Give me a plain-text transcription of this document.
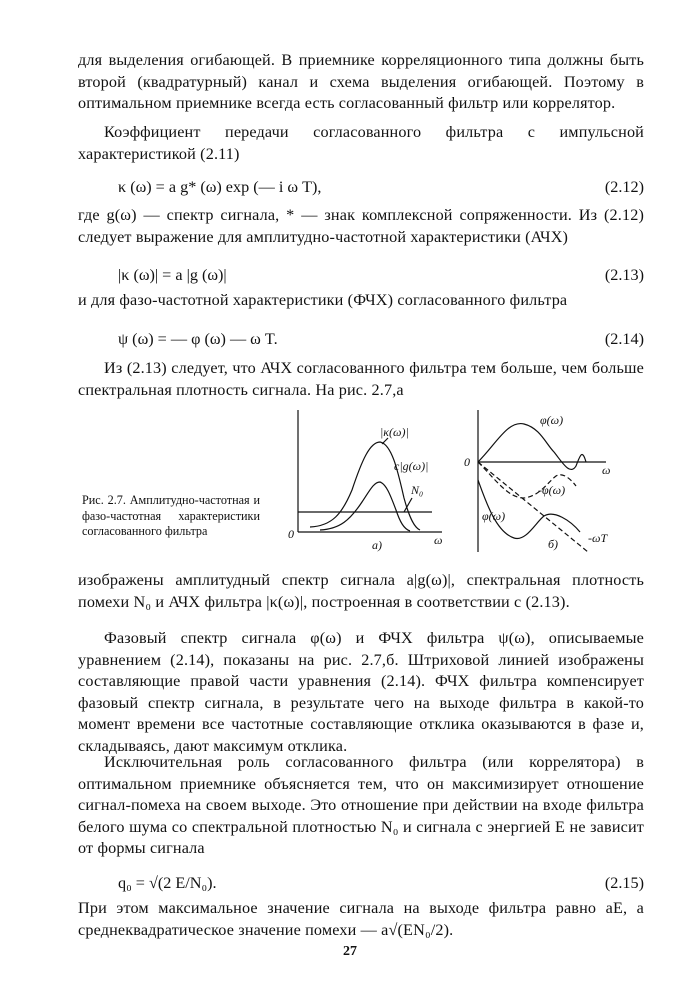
для выделения огибающей. В приемнике корреляционного типа должны быть второй (квадратурный) канал и схема выделения огибающей. Поэтому в оптимальном приемнике всегда есть согласованный фильтр или коррелятор.

Коэффициент передачи согласованного фильтра с импульсной характеристикой (2.11)

κ (ω) = a g* (ω) exp (— i ω T),	(2.12)

где g(ω) — спектр сигнала, * — знак комплексной сопряженности. Из (2.12) следует выражение для амплитудно-частотной характеристики (АЧХ)

|κ (ω)| = a |g (ω)|	(2.13)

и для фазо-частотной характеристики (ФЧХ) согласованного фильтра

ψ (ω) = — φ (ω) — ω T.	(2.14)

Из (2.13) следует, что АЧХ согласованного фильтра тем больше, чем больше спектральная плотность сигнала. На рис. 2.7,а

|κ(ω)|
c|g(ω)|
N₀
0	ω
а)
φ(ω)
0
ω
-φ(ω)
φ(ω)
б) -ωT

Рис. 2.7. Амплитудно-частотная и фазо-частотная характеристики согласованного фильтра

изображены амплитудный спектр сигнала a|g(ω)|, спектральная плотность помехи N₀ и АЧХ фильтра |κ(ω)|, построенная в соответствии с (2.13).

Фазовый спектр сигнала φ(ω) и ФЧХ фильтра ψ(ω), описываемые уравнением (2.14), показаны на рис. 2.7,б. Штриховой линией изображены составляющие правой части уравнения (2.14). ФЧХ фильтра компенсирует фазовый спектр сигнала, в результате чего на выходе фильтра в какой-то момент времени все частотные составляющие отклика оказываются в фазе и, складываясь, дают максимум отклика.

Исключительная роль согласованного фильтра (или коррелятора) в оптимальном приемнике объясняется тем, что он максимизирует отношение сигнал-помеха на своем выходе. Это отношение при действии на входе фильтра белого шума со спектральной плотностью N₀ и сигнала с энергией E не зависит от формы сигнала

q₀ = √(2 E/N₀).	(2.15)

При этом максимальное значение сигнала на выходе фильтра равно aE, а среднеквадратическое значение помехи — a√(EN₀/2).

27
